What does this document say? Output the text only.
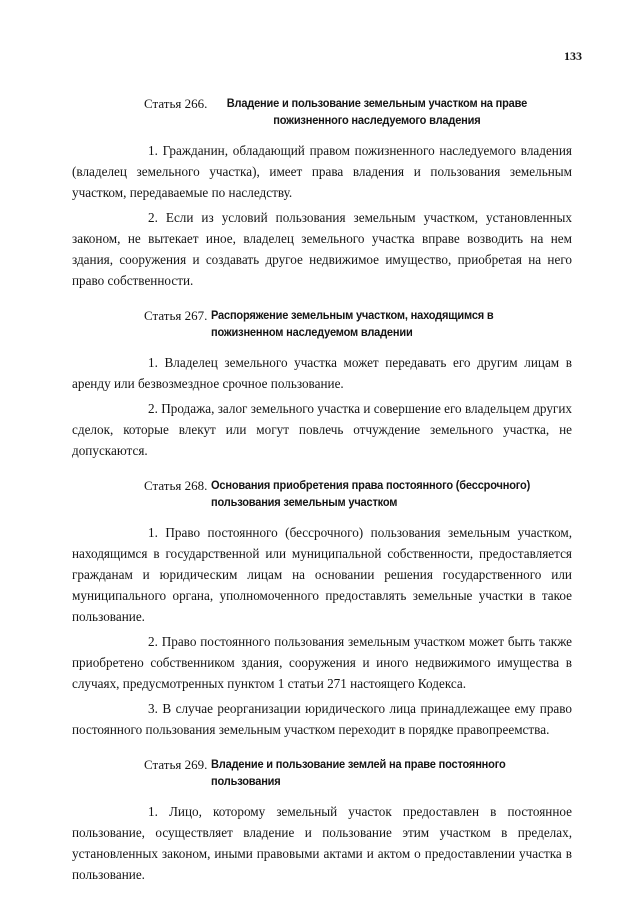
133
Статья 266.	Владение и пользование земельным участком на праве пожизненного наследуемого владения

1. Гражданин, обладающий правом пожизненного наследуемого владения (владелец земельного участка), имеет права владения и пользования земельным участком, передаваемые по наследству.

2. Если из условий пользования земельным участком, установленных законом, не вытекает иное, владелец земельного участка вправе возводить на нем здания, сооружения и создавать другое недвижимое имущество, приобретая на него право собственности.

Статья 267. Распоряжение земельным участком, находящимся в пожизненном наследуемом владении

1. Владелец земельного участка может передавать его другим лицам в аренду или безвозмездное срочное пользование.

2. Продажа, залог земельного участка и совершение его владельцем других сделок, которые влекут или могут повлечь отчуждение земельного участка, не допускаются.

Статья 268. Основания приобретения права постоянного (бессрочного) пользования земельным участком

1. Право постоянного (бессрочного) пользования земельным участком, находящимся в государственной или муниципальной собственности, предоставляется гражданам и юридическим лицам на основании решения государственного или муниципального органа, уполномоченного предоставлять земельные участки в такое пользование.

2. Право постоянного пользования земельным участком может быть также приобретено собственником здания, сооружения и иного недвижимого имущества в случаях, предусмотренных пунктом 1 статьи 271 настоящего Кодекса.

3. В случае реорганизации юридического лица принадлежащее ему право постоянного пользования земельным участком переходит в порядке правопреемства.

Статья 269. Владение и пользование землей на праве постоянного пользования

1. Лицо, которому земельный участок предоставлен в постоянное пользование, осуществляет владение и пользование этим участком в пределах, установленных законом, иными правовыми актами и актом о предоставлении участка в пользование.
